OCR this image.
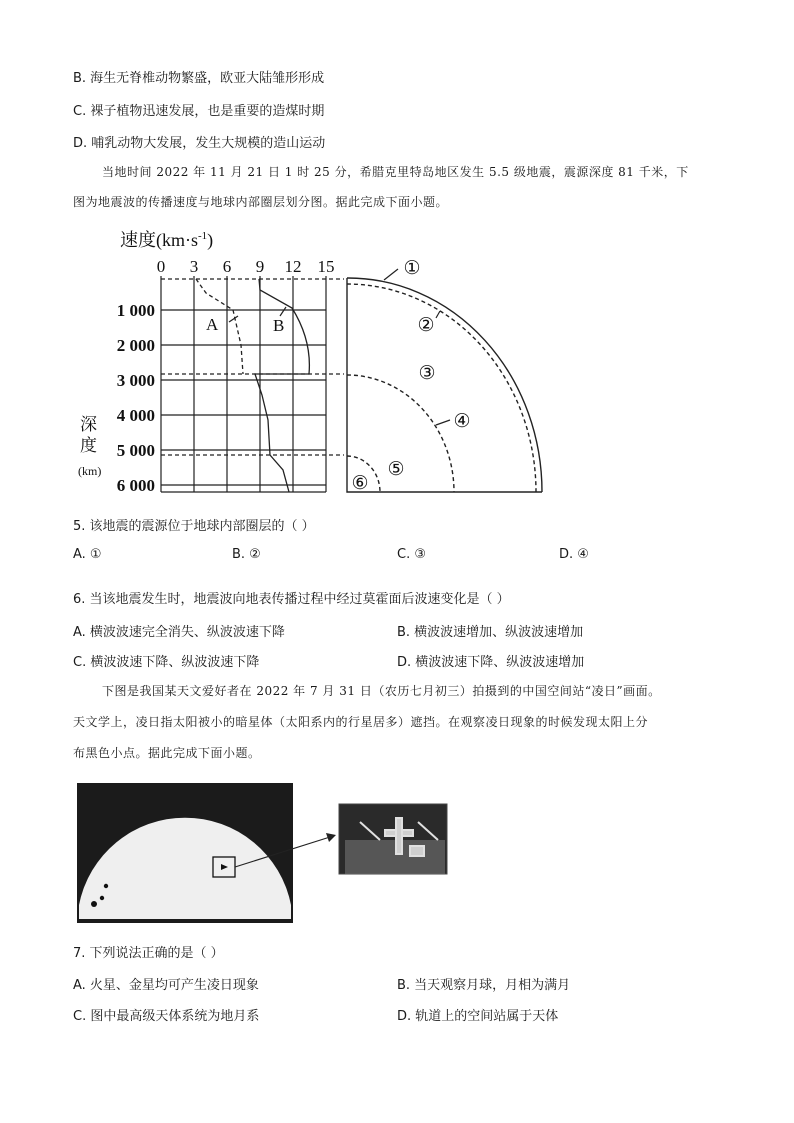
B. 海生无脊椎动物繁盛，欧亚大陆雏形形成
C. 裸子植物迅速发展，也是重要的造煤时期
D. 哺乳动物大发展，发生大规模的造山运动
当地时间 2022 年 11 月 21 日 1 时 25 分，希腊克里特岛地区发生 5.5 级地震，震源深度 81 千米，下
图为地震波的传播速度与地球内部圈层划分图。据此完成下面小题。
速度$(km\cdot s^{-1})$
0 3 6 9 12 15
A	B
1 000
2 000
3 000
4 000
5 000
6 000
深
度
(km)
①
②
③
④
⑤
⑥
5. 该地震的震源位于地球内部圈层的（ ）
A. ①	B. ②	C. ③	D. ④
6. 当该地震发生时，地震波向地表传播过程中经过莫霍面后波速变化是（ ）
A. 横波波速完全消失、纵波波速下降	B. 横波波速增加、纵波波速增加
C. 横波波速下降、纵波波速下降	D. 横波波速下降、纵波波速增加
下图是我国某天文爱好者在 2022 年 7 月 31 日（农历七月初三）拍摄到的中国空间站“凌日”画面。
天文学上，凌日指太阳被小的暗星体（太阳系内的行星居多）遮挡。在观察凌日现象的时候发现太阳上分
布黑色小点。据此完成下面小题。
7. 下列说法正确的是（ ）
A. 火星、金星均可产生凌日现象	B. 当天观察月球，月相为满月
C. 图中最高级天体系统为地月系	D. 轨道上的空间站属于天体
